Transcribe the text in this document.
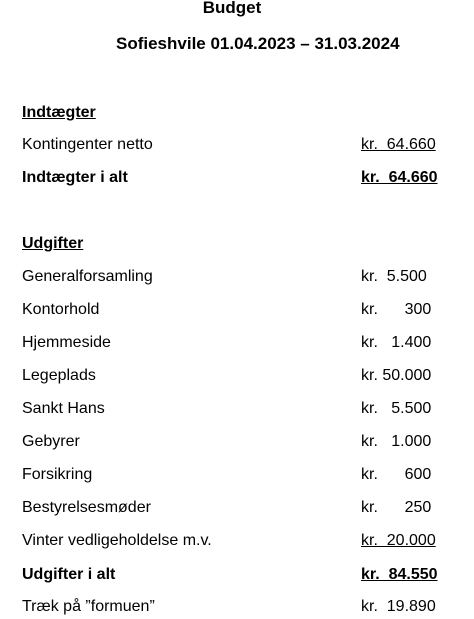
Budget
Sofieshvile 01.04.2023 – 31.03.2024
Indtægter
Kontingenter netto	kr.  64.660
Indtægter i alt	kr.  64.660
Udgifter
Generalforsamling	kr.  5.500
Kontorhold	kr.      300
Hjemmeside	kr.   1.400
Legeplads	kr. 50.000
Sankt Hans	kr.   5.500
Gebyrer	kr.   1.000
Forsikring	kr.      600
Bestyrelsesmøder	kr.      250
Vinter vedligeholdelse m.v.	kr.  20.000
Udgifter i alt	kr.  84.550
Træk på ”formuen”	kr.  19.890
